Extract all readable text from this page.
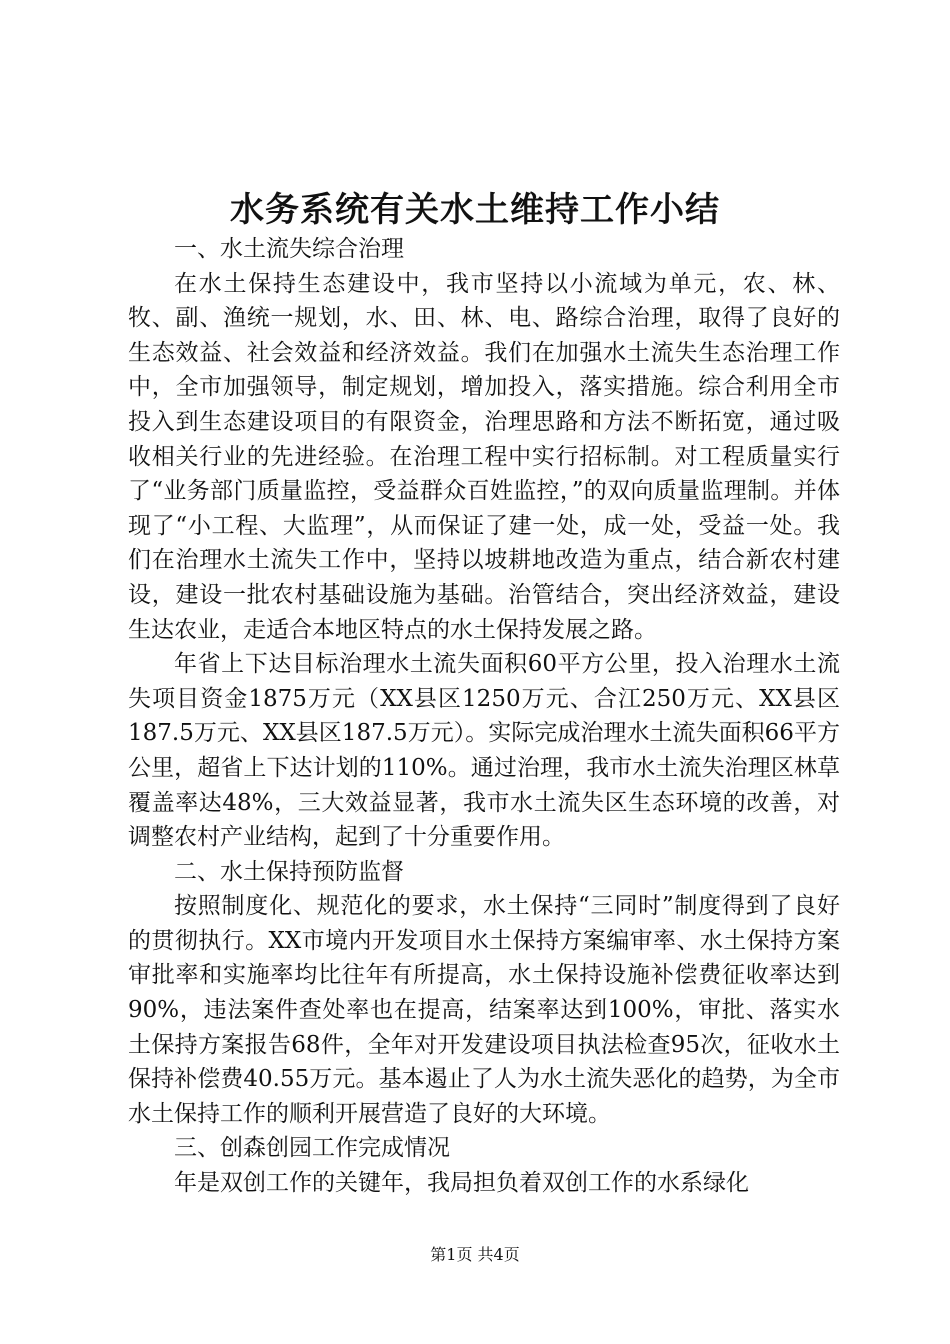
水务系统有关水土维持工作小结

一、水土流失综合治理

在水土保持生态建设中，我市坚持以小流域为单元，农、林、牧、副、渔统一规划，水、田、林、电、路综合治理，取得了良好的生态效益、社会效益和经济效益。我们在加强水土流失生态治理工作中，全市加强领导，制定规划，增加投入，落实措施。综合利用全市投入到生态建设项目的有限资金，治理思路和方法不断拓宽，通过吸收相关行业的先进经验。在治理工程中实行招标制。对工程质量实行了“业务部门质量监控，受益群众百姓监控，”的双向质量监理制。并体现了“小工程、大监理”，从而保证了建一处，成一处，受益一处。我们在治理水土流失工作中，坚持以坡耕地改造为重点，结合新农村建设，建设一批农村基础设施为基础。治管结合，突出经济效益，建设生达农业，走适合本地区特点的水土保持发展之路。

年省上下达目标治理水土流失面积60平方公里，投入治理水土流失项目资金1875万元（XX县区1250万元、合江250万元、XX县区187.5万元、XX县区187.5万元）。实际完成治理水土流失面积66平方公里，超省上下达计划的110%。通过治理，我市水土流失治理区林草覆盖率达48%，三大效益显著，我市水土流失区生态环境的改善，对调整农村产业结构，起到了十分重要作用。

二、水土保持预防监督

按照制度化、规范化的要求，水土保持“三同时”制度得到了良好的贯彻执行。XX市境内开发项目水土保持方案编审率、水土保持方案审批率和实施率均比往年有所提高，水土保持设施补偿费征收率达到90%，违法案件查处率也在提高，结案率达到100%，审批、落实水土保持方案报告68件，全年对开发建设项目执法检查95次，征收水土保持补偿费40.55万元。基本遏止了人为水土流失恶化的趋势，为全市水土保持工作的顺利开展营造了良好的大环境。

三、创森创园工作完成情况

年是双创工作的关键年，我局担负着双创工作的水系绿化

第1页 共4页
